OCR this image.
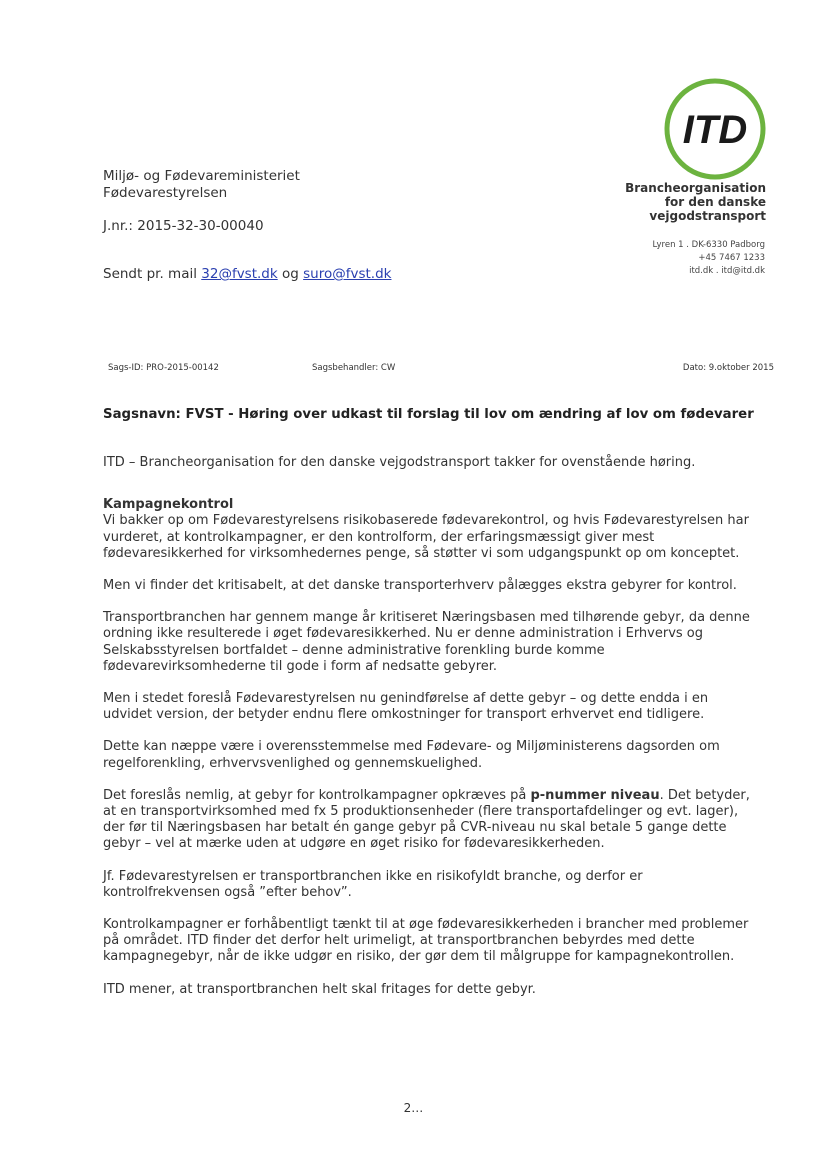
Miljø- og Fødevareministeriet
Fødevarestyrelsen
J.nr.: 2015-32-30-00040
Sendt pr. mail 32@fvst.dk og suro@fvst.dk
ITD
Brancheorganisation
for den danske
vejgodstransport
Lyren 1 . DK-6330 Padborg
+45 7467 1233
itd.dk . itd@itd.dk
Sags-ID: PRO-2015-00142	Sagsbehandler: CW	Dato: 9.oktober 2015
Sagsnavn: FVST - Høring over udkast til forslag til lov om ændring af lov om fødevarer

ITD – Brancheorganisation for den danske vejgodstransport takker for ovenstående høring.

Kampagnekontrol

Vi bakker op om Fødevarestyrelsens risikobaserede fødevarekontrol, og hvis Fødevarestyrelsen har

vurderet, at kontrolkampagner, er den kontrolform, der erfaringsmæssigt giver mest

fødevaresikkerhed for virksomhedernes penge, så støtter vi som udgangspunkt op om konceptet.

Men vi finder det kritisabelt, at det danske transporterhverv pålægges ekstra gebyrer for kontrol.

Transportbranchen har gennem mange år kritiseret Næringsbasen med tilhørende gebyr, da denne

ordning ikke resulterede i øget fødevaresikkerhed. Nu er denne administration i Erhvervs og

Selskabsstyrelsen bortfaldet – denne administrative forenkling burde komme

fødevarevirksomhederne til gode i form af nedsatte gebyrer.

Men i stedet foreslå Fødevarestyrelsen nu genindførelse af dette gebyr – og dette endda i en

udvidet version, der betyder endnu flere omkostninger for transport erhvervet end tidligere.

Dette kan næppe være i overensstemmelse med Fødevare- og Miljøministerens dagsorden om

regelforenkling, erhvervsvenlighed og gennemskuelighed.

Det foreslås nemlig, at gebyr for kontrolkampagner opkræves på p-nummer niveau. Det betyder,

at en transportvirksomhed med fx 5 produktionsenheder (flere transportafdelinger og evt. lager),

der før til Næringsbasen har betalt én gange gebyr på CVR-niveau nu skal betale 5 gange dette

gebyr – vel at mærke uden at udgøre en øget risiko for fødevaresikkerheden.

Jf. Fødevarestyrelsen er transportbranchen ikke en risikofyldt branche, og derfor er

kontrolfrekvensen også ”efter behov”.

Kontrolkampagner er forhåbentligt tænkt til at øge fødevaresikkerheden i brancher med problemer

på området. ITD finder det derfor helt urimeligt, at transportbranchen bebyrdes med dette

kampagnegebyr, når de ikke udgør en risiko, der gør dem til målgruppe for kampagnekontrollen.

ITD mener, at transportbranchen helt skal fritages for dette gebyr.

2…
